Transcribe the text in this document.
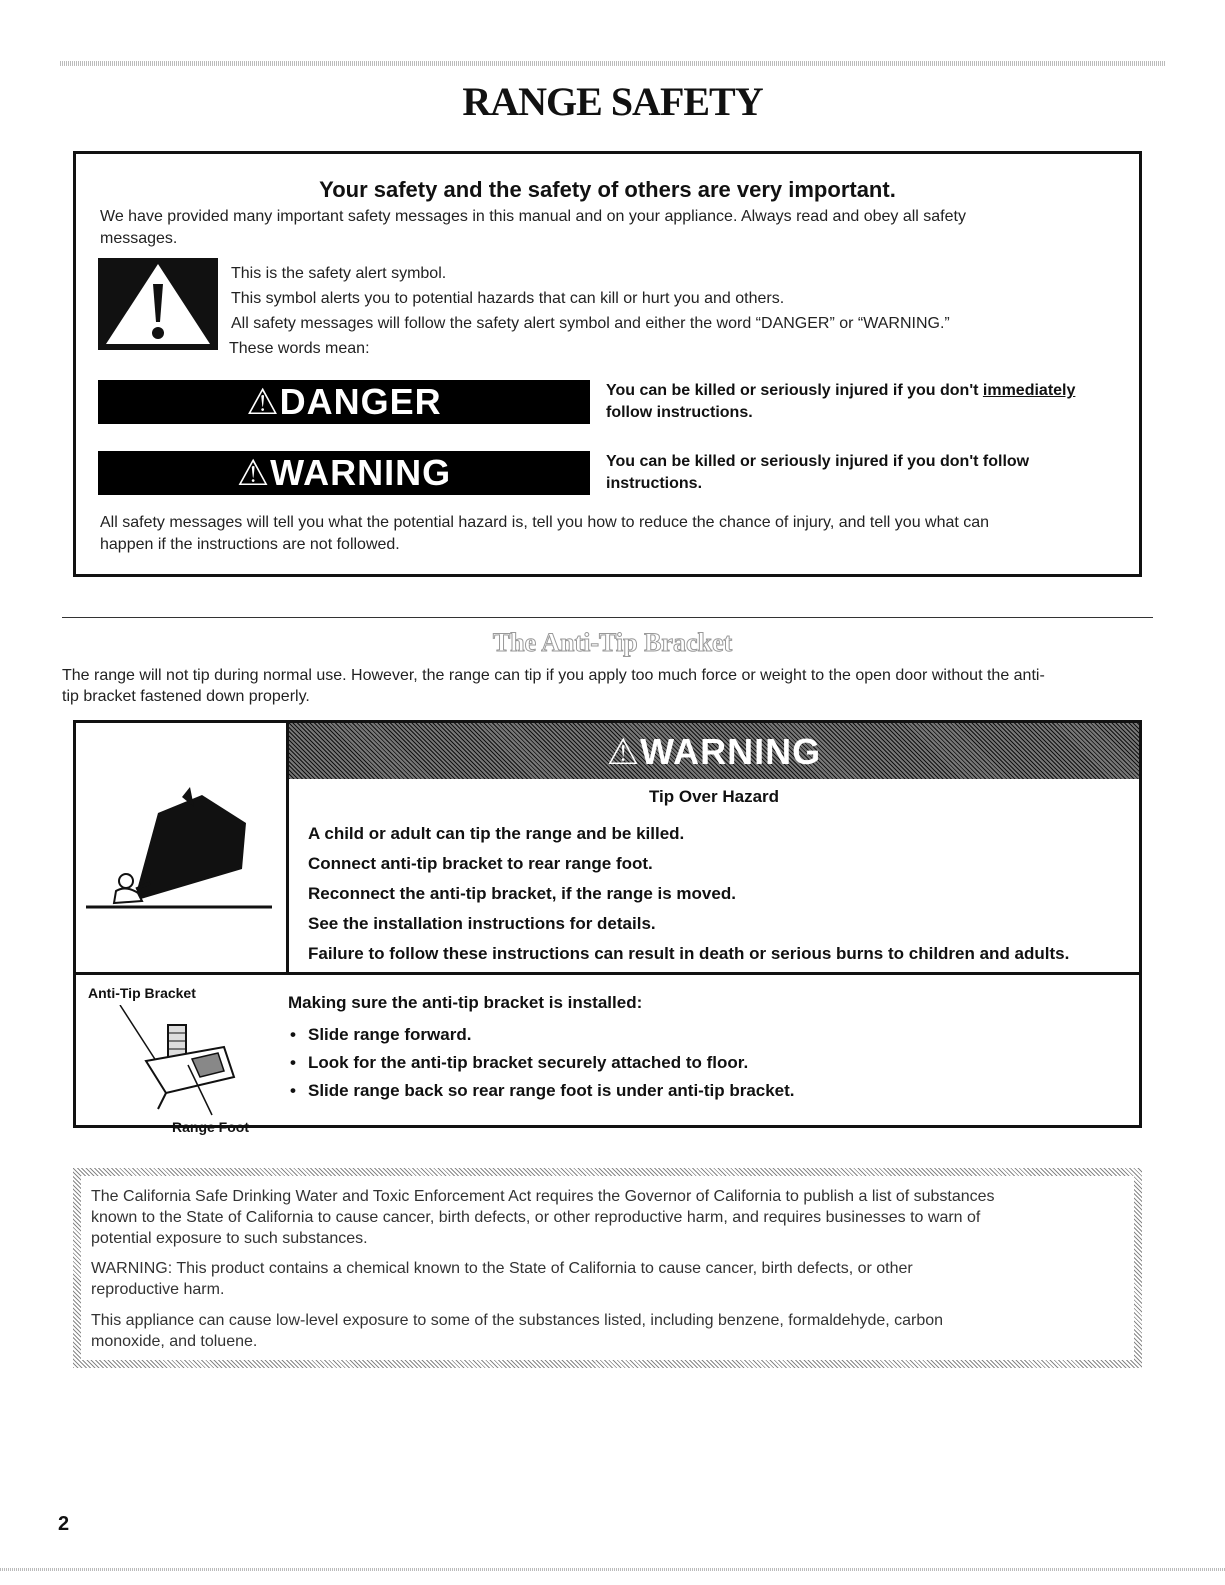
RANGE SAFETY
Your safety and the safety of others are very important.
We have provided many important safety messages in this manual and on your appliance. Always read and obey all safety
messages.
This is the safety alert symbol.
This symbol alerts you to potential hazards that can kill or hurt you and others.
All safety messages will follow the safety alert symbol and either the word “DANGER” or “WARNING.”
These words mean:
⚠DANGER	You can be killed or seriously injured if you don't immediately
follow instructions.
⚠WARNING	You can be killed or seriously injured if you don't follow
instructions.
All safety messages will tell you what the potential hazard is, tell you how to reduce the chance of injury, and tell you what can
happen if the instructions are not followed.
The Anti-Tip Bracket
The range will not tip during normal use. However, the range can tip if you apply too much force or weight to the open door without the anti-
tip bracket fastened down properly.
⚠WARNING
Tip Over Hazard
A child or adult can tip the range and be killed.
Connect anti-tip bracket to rear range foot.
Reconnect the anti-tip bracket, if the range is moved.
See the installation instructions for details.
Failure to follow these instructions can result in death or serious burns to children and adults.
Anti-Tip Bracket
Range Foot
Making sure the anti-tip bracket is installed:
• Slide range forward.
• Look for the anti-tip bracket securely attached to floor.
• Slide range back so rear range foot is under anti-tip bracket.
The California Safe Drinking Water and Toxic Enforcement Act requires the Governor of California to publish a list of substances
known to the State of California to cause cancer, birth defects, or other reproductive harm, and requires businesses to warn of
potential exposure to such substances.
WARNING: This product contains a chemical known to the State of California to cause cancer, birth defects, or other
reproductive harm.
This appliance can cause low-level exposure to some of the substances listed, including benzene, formaldehyde, carbon
monoxide, and toluene.
2
